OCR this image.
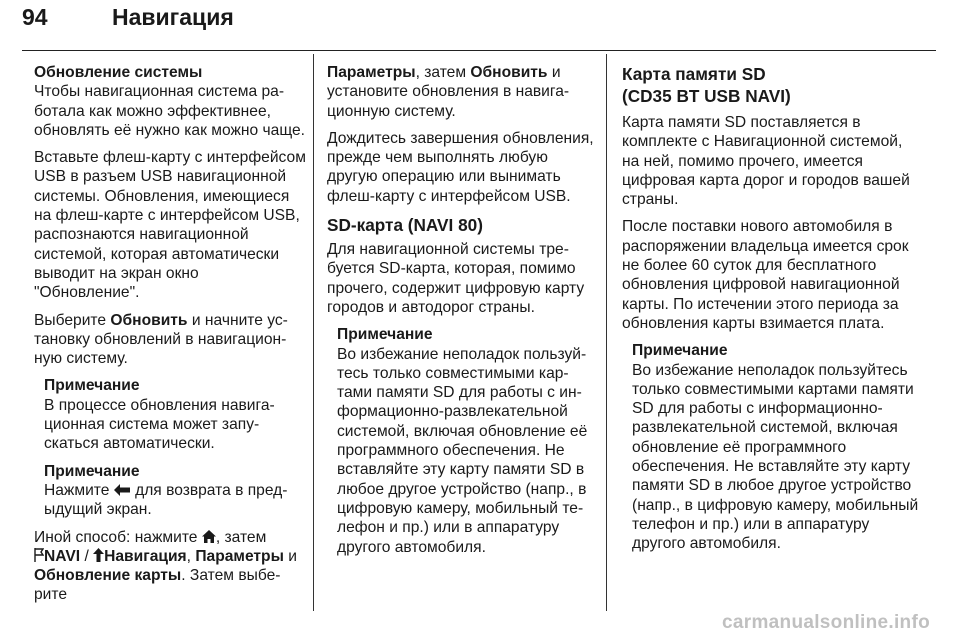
94	Навигация

Обновление системы

Чтобы навигационная система работала как можно эффективнее, обновлять её нужно как можно чаще.

Вставьте флеш-карту с интерфейсом USB в разъем USB навигационной системы. Обновления, имеющиеся на флеш-карте с интерфейсом USB, распознаются навигационной системой, которая автоматически выводит на экран окно "Обновление".

Выберите Обновить и начните установку обновлений в навигационную систему.

Примечание
В процессе обновления навигационная система может запускаться автоматически.
Примечание
Нажмите  для возврата в предыдущий экран.

Иной способ: нажмите , затем
NAVI / Навигация, Параметры и
Обновление карты. Затем выберите

Параметры, затем Обновить и установите обновления в навигационную систему.

Дождитесь завершения обновления, прежде чем выполнять любую другую операцию или вынимать флеш-карту с интерфейсом USB.

SD-карта (NAVI 80)

Для навигационной системы требуется SD-карта, которая, помимо прочего, содержит цифровую карту городов и автодорог страны.

Примечание
Во избежание неполадок пользуйтесь только совместимыми картами памяти SD для работы с информационно-развлекательной системой, включая обновление её программного обеспечения. Не вставляйте эту карту памяти SD в любое другое устройство (напр., в цифровую камеру, мобильный телефон и пр.) или в аппаратуру другого автомобиля.
Карта памяти SD
(CD35 BT USB NAVI)

Карта памяти SD поставляется в комплекте с Навигационной системой, на ней, помимо прочего, имеется цифровая карта дорог и городов вашей страны.

После поставки нового автомобиля в распоряжении владельца имеется срок не более 60 суток для бесплатного обновления цифровой навигационной карты. По истечении этого периода за обновления карты взимается плата.

Примечание
Во избежание неполадок пользуйтесь только совместимыми картами памяти SD для работы с информационно-развлекательной системой, включая обновление её программного обеспечения. Не вставляйте эту карту памяти SD в любое другое устройство (напр., в цифровую камеру, мобильный телефон и пр.) или в аппаратуру другого автомобиля.
carmanualsonline.info
